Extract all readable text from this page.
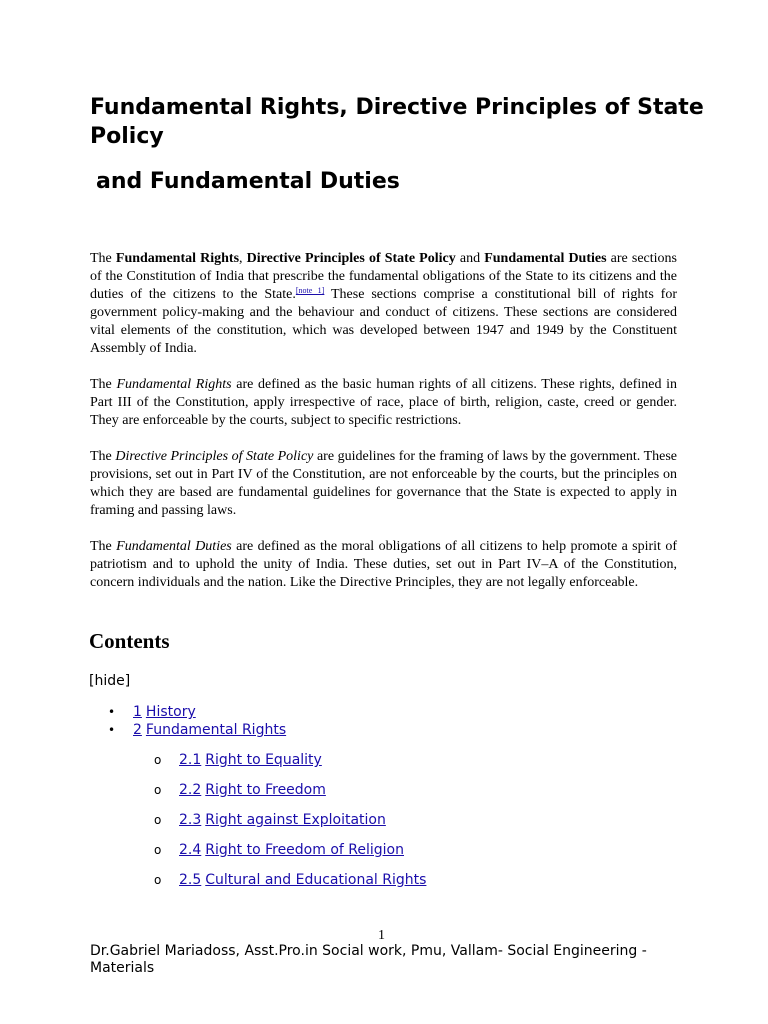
Fundamental Rights, Directive Principles of State Policy
and Fundamental Duties

The Fundamental Rights, Directive Principles of State Policy and Fundamental Duties are sections of the Constitution of India that prescribe the fundamental obligations of the State to its citizens and the duties of the citizens to the State.[note 1] These sections comprise a constitutional bill of rights for government policy-making and the behaviour and conduct of citizens. These sections are considered vital elements of the constitution, which was developed between 1947 and 1949 by the Constituent Assembly of India.

The Fundamental Rights are defined as the basic human rights of all citizens. These rights, defined in Part III of the Constitution, apply irrespective of race, place of birth, religion, caste, creed or gender. They are enforceable by the courts, subject to specific restrictions.

The Directive Principles of State Policy are guidelines for the framing of laws by the government. These provisions, set out in Part IV of the Constitution, are not enforceable by the courts, but the principles on which they are based are fundamental guidelines for governance that the State is expected to apply in framing and passing laws.

The Fundamental Duties are defined as the moral obligations of all citizens to help promote a spirit of patriotism and to uphold the unity of India. These duties, set out in Part IV–A of the Constitution, concern individuals and the nation. Like the Directive Principles, they are not legally enforceable.

Contents
[hide]
• 1 History
• 2 Fundamental Rights
o 2.1 Right to Equality
o 2.2 Right to Freedom
o 2.3 Right against Exploitation
o 2.4 Right to Freedom of Religion
o 2.5 Cultural and Educational Rights
1
Dr.Gabriel Mariadoss, Asst.Pro.in Social work, Pmu, Vallam- Social Engineering -Materials
